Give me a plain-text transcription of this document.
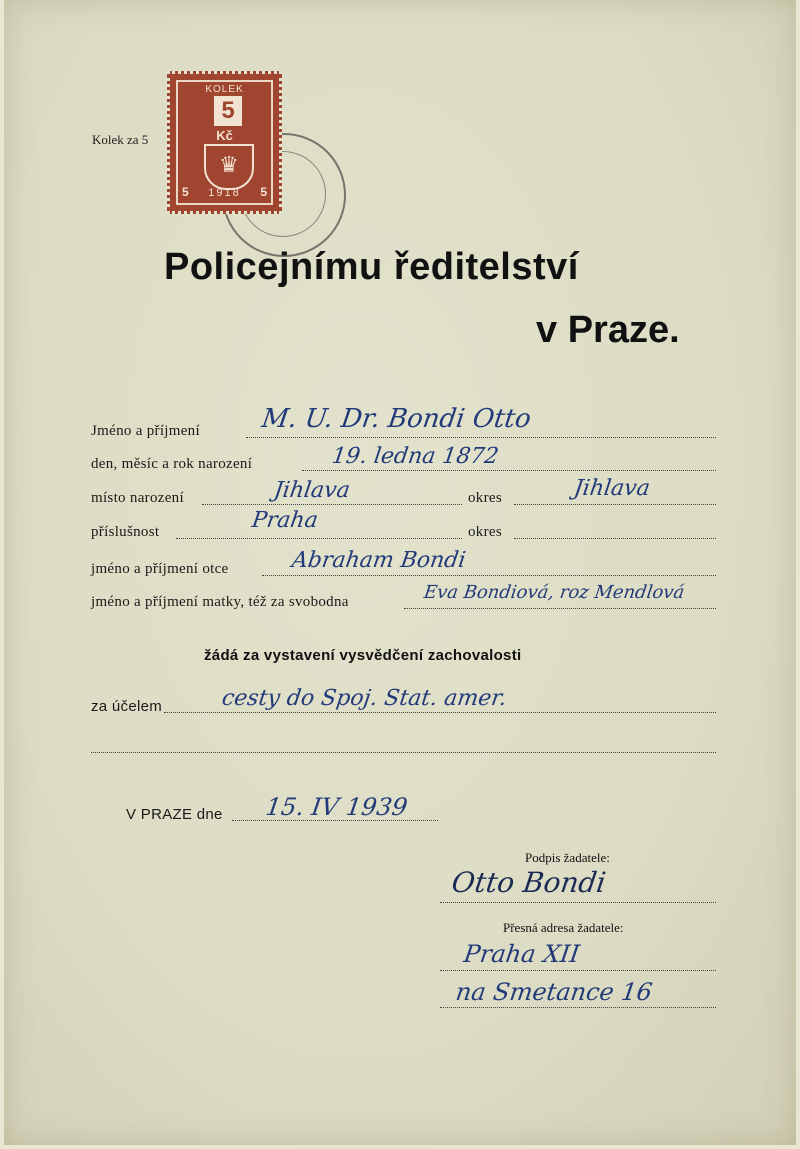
Kolek za 5
KOLEK
5
Kč
♛
5	1918	5
Policejnímu ředitelství
v Praze.
Jméno a příjmení M. U. Dr. Bondi Otto
den, měsíc a rok narození	19. ledna 1872
místo narození	Jihlava	okres	Jihlava
příslušnost	Praha	okres
jméno a příjmení otce	Abraham Bondi
jméno a příjmení matky, též za svobodna	Eva Bondiová, roz Mendlová
žádá za vystavení vysvědčení zachovalosti
za účelem	cesty do Spoj. Stat. amer.
V PRAZE dne 15. IV 1939
Podpis žadatele:
Otto Bondi
Přesná adresa žadatele:
Praha XII
na Smetance 16
